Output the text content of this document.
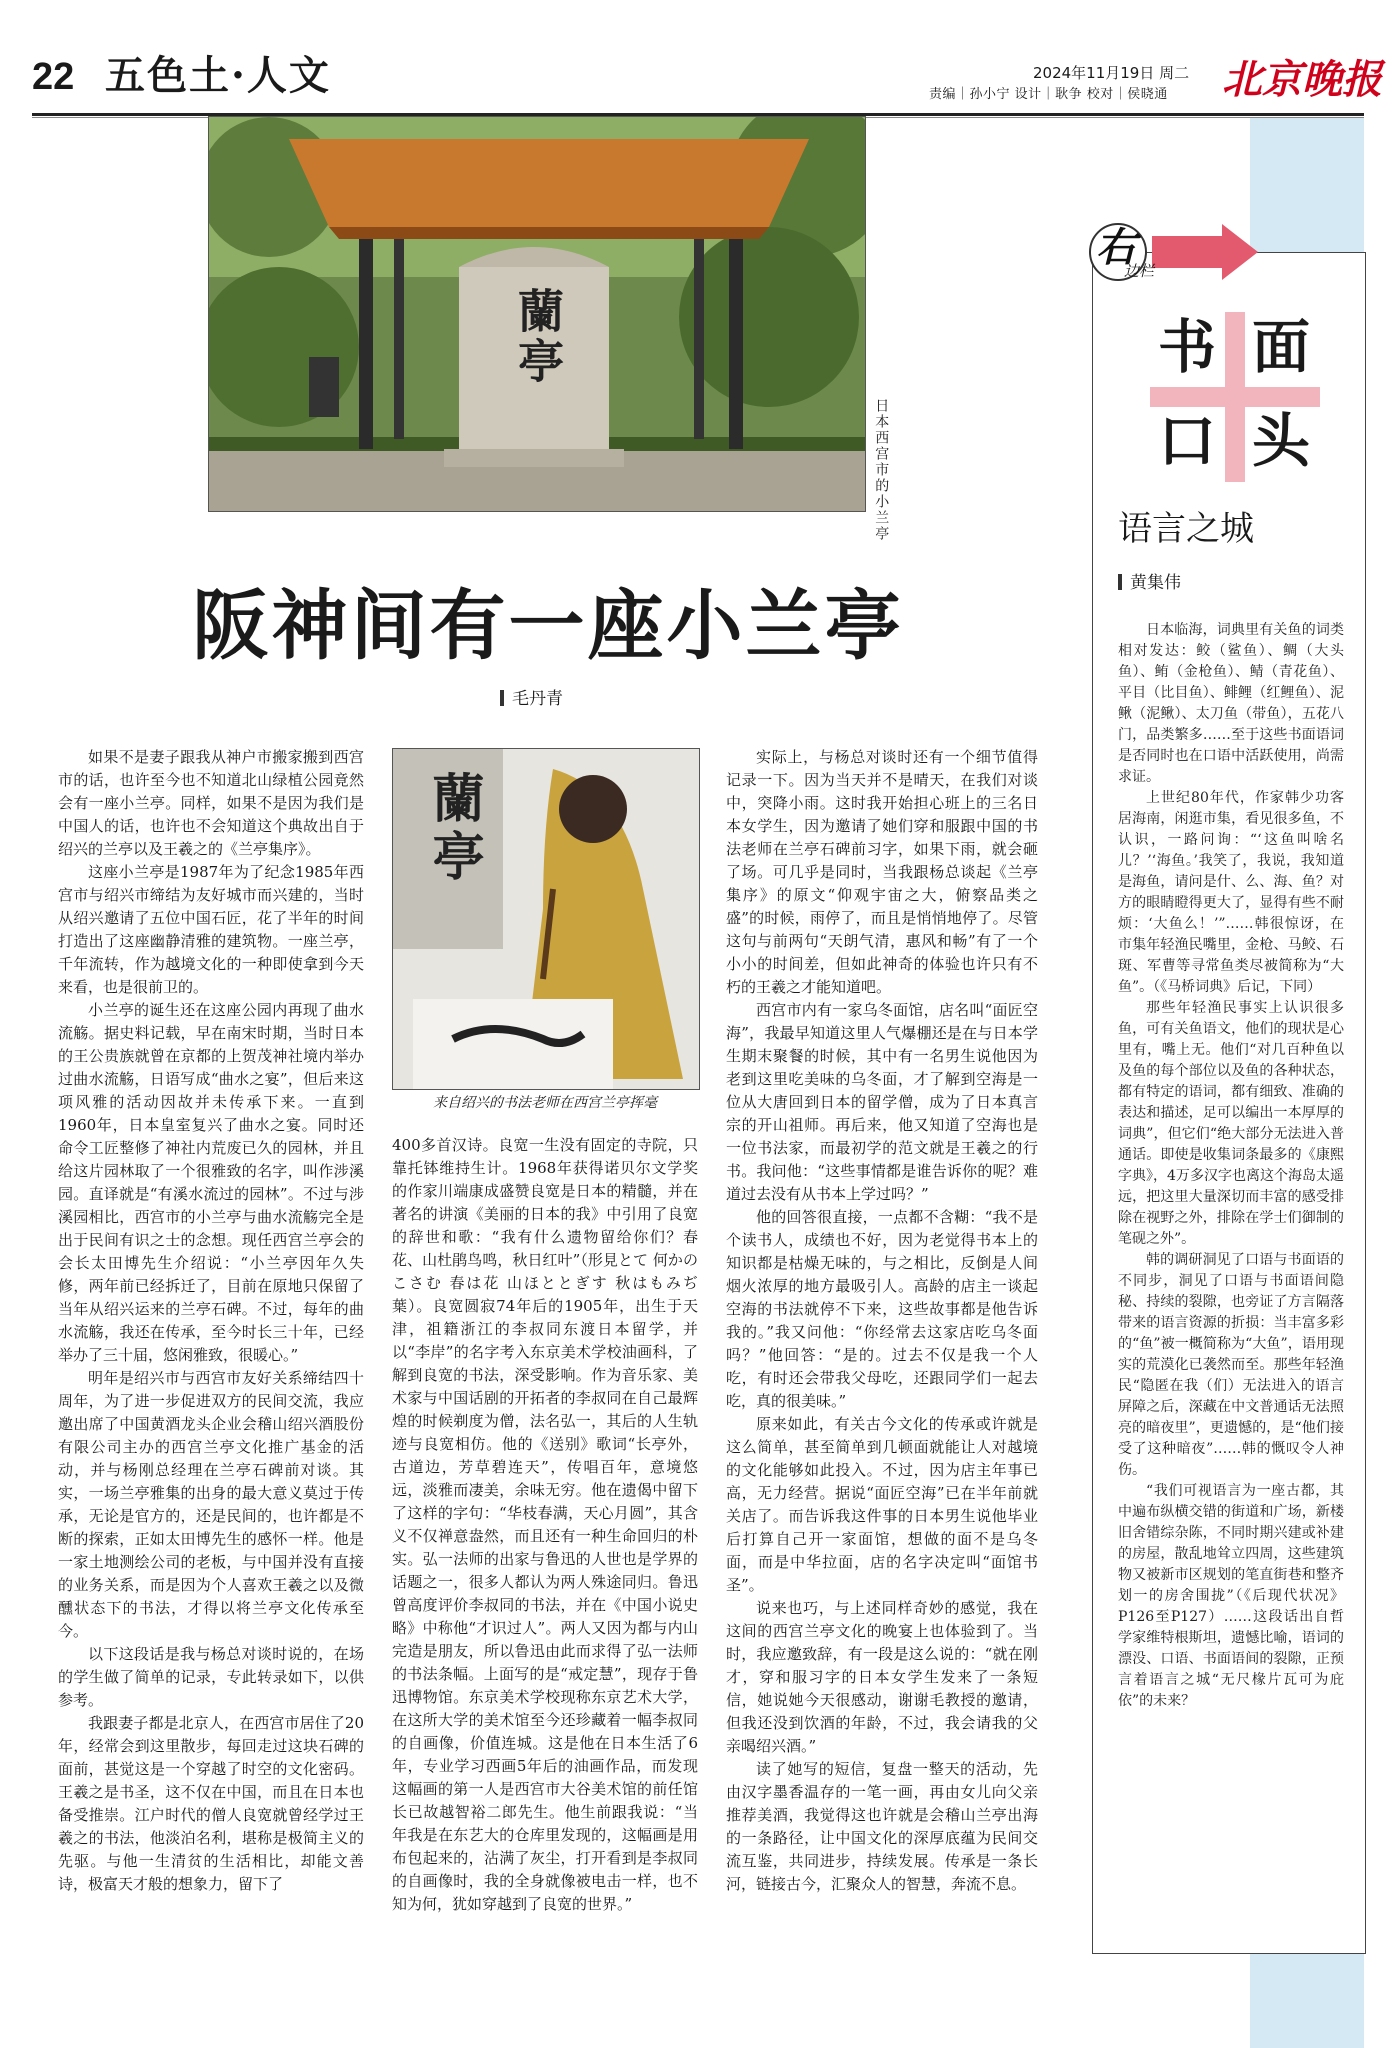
22 五色土·人文	2024年11月19日 周二
责编｜孙小宁 设计｜耿争 校对｜侯晓通 北京晚报
蘭亭
日本西宫市的小兰亭
阪神间有一座小兰亭
毛丹青
蘭亭
来自绍兴的书法老师在西宫兰亭挥毫
如果不是妻子跟我从神户市搬家搬到西宫市的话，也许至今也不知道北山绿植公园竟然会有一座小兰亭。同样，如果不是因为我们是中国人的话，也许也不会知道这个典故出自于绍兴的兰亭以及王羲之的《兰亭集序》。
这座小兰亭是1987年为了纪念1985年西宫市与绍兴市缔结为友好城市而兴建的，当时从绍兴邀请了五位中国石匠，花了半年的时间打造出了这座幽静清雅的建筑物。一座兰亭，千年流转，作为越境文化的一种即使拿到今天来看，也是很前卫的。
小兰亭的诞生还在这座公园内再现了曲水流觞。据史料记载，早在南宋时期，当时日本的王公贵族就曾在京都的上贺茂神社境内举办过曲水流觞，日语写成“曲水之宴”，但后来这项风雅的活动因故并未传承下来。一直到1960年，日本皇室复兴了曲水之宴。同时还命令工匠整修了神社内荒废已久的园林，并且给这片园林取了一个很雅致的名字，叫作涉溪园。直译就是“有溪水流过的园林”。不过与涉溪园相比，西宫市的小兰亭与曲水流觞完全是出于民间有识之士的念想。现任西宫兰亭会的会长太田博先生介绍说：“小兰亭因年久失修，两年前已经拆迁了，目前在原地只保留了当年从绍兴运来的兰亭石碑。不过，每年的曲水流觞，我还在传承，至今时长三十年，已经举办了三十届，悠闲雅致，很暖心。”
明年是绍兴市与西宫市友好关系缔结四十周年，为了进一步促进双方的民间交流，我应邀出席了中国黄酒龙头企业会稽山绍兴酒股份有限公司主办的西宫兰亭文化推广基金的活动，并与杨刚总经理在兰亭石碑前对谈。其实，一场兰亭雅集的出身的最大意义莫过于传承，无论是官方的，还是民间的，也许都是不断的探索，正如太田博先生的感怀一样。他是一家土地测绘公司的老板，与中国并没有直接的业务关系，而是因为个人喜欢王羲之以及微醺状态下的书法，才得以将兰亭文化传承至今。
以下这段话是我与杨总对谈时说的，在场的学生做了简单的记录，专此转录如下，以供参考。
我跟妻子都是北京人，在西宫市居住了20年，经常会到这里散步，每回走过这块石碑的面前，甚觉这是一个穿越了时空的文化密码。王羲之是书圣，这不仅在中国，而且在日本也备受推崇。江户时代的僧人良宽就曾经学过王羲之的书法，他淡泊名利，堪称是极简主义的先驱。与他一生清贫的生活相比，却能文善诗，极富天才般的想象力，留下了
400多首汉诗。良宽一生没有固定的寺院，只靠托钵维持生计。1968年获得诺贝尔文学奖的作家川端康成盛赞良宽是日本的精髓，并在著名的讲演《美丽的日本的我》中引用了良宽的辞世和歌：“我有什么遗物留给你们？春花、山杜鹃鸟鸣，秋日红叶”（形見とて 何かのこさむ 春は花 山ほととぎす 秋はもみぢ葉）。良宽圆寂74年后的1905年，出生于天津，祖籍浙江的李叔同东渡日本留学，并以“李岸”的名字考入东京美术学校油画科，了解到良宽的书法，深受影响。作为音乐家、美术家与中国话剧的开拓者的李叔同在自己最辉煌的时候剃度为僧，法名弘一，其后的人生轨迹与良宽相仿。他的《送别》歌词“长亭外，古道边，芳草碧连天”，传唱百年，意境悠远，淡雅而凄美，余味无穷。他在遗偈中留下了这样的字句：“华枝春满，天心月圆”，其含义不仅禅意盎然，而且还有一种生命回归的朴实。弘一法师的出家与鲁迅的人世也是学界的话题之一，很多人都认为两人殊途同归。鲁迅曾高度评价李叔同的书法，并在《中国小说史略》中称他“才识过人”。两人又因为都与内山完造是朋友，所以鲁迅由此而求得了弘一法师的书法条幅。上面写的是“戒定慧”，现存于鲁迅博物馆。东京美术学校现称东京艺术大学，在这所大学的美术馆至今还珍藏着一幅李叔同的自画像，价值连城。这是他在日本生活了6年，专业学习西画5年后的油画作品，而发现这幅画的第一人是西宫市大谷美术馆的前任馆长已故越智裕二郎先生。他生前跟我说：“当年我是在东艺大的仓库里发现的，这幅画是用布包起来的，沾满了灰尘，打开看到是李叔同的自画像时，我的全身就像被电击一样，也不知为何，犹如穿越到了良宽的世界。”
实际上，与杨总对谈时还有一个细节值得记录一下。因为当天并不是晴天，在我们对谈中，突降小雨。这时我开始担心班上的三名日本女学生，因为邀请了她们穿和服跟中国的书法老师在兰亭石碑前习字，如果下雨，就会砸了场。可几乎是同时，当我跟杨总谈起《兰亭集序》的原文“仰观宇宙之大，俯察品类之盛”的时候，雨停了，而且是悄悄地停了。尽管这句与前两句“天朗气清，惠风和畅”有了一个小小的时间差，但如此神奇的体验也许只有不朽的王羲之才能知道吧。
西宫市内有一家乌冬面馆，店名叫“面匠空海”，我最早知道这里人气爆棚还是在与日本学生期末聚餐的时候，其中有一名男生说他因为老到这里吃美味的乌冬面，才了解到空海是一位从大唐回到日本的留学僧，成为了日本真言宗的开山祖师。再后来，他又知道了空海也是一位书法家，而最初学的范文就是王羲之的行书。我问他：“这些事情都是谁告诉你的呢？难道过去没有从书本上学过吗？”
他的回答很直接，一点都不含糊：“我不是个读书人，成绩也不好，因为老觉得书本上的知识都是枯燥无味的，与之相比，反倒是人间烟火浓厚的地方最吸引人。高龄的店主一谈起空海的书法就停不下来，这些故事都是他告诉我的。”我又问他：“你经常去这家店吃乌冬面吗？”他回答：“是的。过去不仅是我一个人吃，有时还会带我父母吃，还跟同学们一起去吃，真的很美味。”
原来如此，有关古今文化的传承或许就是这么简单，甚至简单到几顿面就能让人对越境的文化能够如此投入。不过，因为店主年事已高，无力经营。据说“面匠空海”已在半年前就关店了。而告诉我这件事的日本男生说他毕业后打算自己开一家面馆，想做的面不是乌冬面，而是中华拉面，店的名字决定叫“面馆书圣”。
说来也巧，与上述同样奇妙的感觉，我在这间的西宫兰亭文化的晚宴上也体验到了。当时，我应邀致辞，有一段是这么说的：“就在刚才，穿和服习字的日本女学生发来了一条短信，她说她今天很感动，谢谢毛教授的邀请，但我还没到饮酒的年龄，不过，我会请我的父亲喝绍兴酒。”
读了她写的短信，复盘一整天的活动，先由汉字墨香温存的一笔一画，再由女儿向父亲推荐美酒，我觉得这也许就是会稽山兰亭出海的一条路径，让中国文化的深厚底蕴为民间交流互鉴，共同进步，持续发展。传承是一条长河，链接古今，汇聚众人的智慧，奔流不息。
右
边栏
书 面
口 头
语言之城
黄集伟
日本临海，词典里有关鱼的词类相对发达：鲛（鲨鱼）、鲷（大头鱼）、鲔（金枪鱼）、鲭（青花鱼）、平目（比目鱼）、鲱鲤（红鲤鱼）、泥鳅（泥鳅）、太刀鱼（带鱼），五花八门，品类繁多……至于这些书面语词是否同时也在口语中活跃使用，尚需求证。
上世纪80年代，作家韩少功客居海南，闲逛市集，看见很多鱼，不认识，一路问询：“‘这鱼叫啥名儿？’‘海鱼。’我笑了，我说，我知道是海鱼，请问是什、么、海、鱼？对方的眼睛瞪得更大了，显得有些不耐烦：‘大鱼么！’”……韩很惊讶，在市集年轻渔民嘴里，金枪、马鲛、石斑、军曹等寻常鱼类尽被简称为“大鱼”。（《马桥词典》后记，下同）
那些年轻渔民事实上认识很多鱼，可有关鱼语文，他们的现状是心里有，嘴上无。他们“对几百种鱼以及鱼的每个部位以及鱼的各种状态，都有特定的语词，都有细致、准确的表达和描述，足可以编出一本厚厚的词典”，但它们“绝大部分无法进入普通话。即使是收集词条最多的《康熙字典》，4万多汉字也离这个海岛太遥远，把这里大量深切而丰富的感受排除在视野之外，排除在学士们御制的笔砚之外”。
韩的调研洞见了口语与书面语的不同步，洞见了口语与书面语间隐秘、持续的裂隙，也旁证了方言隔落带来的语言资源的折损：当丰富多彩的“鱼”被一概简称为“大鱼”，语用现实的荒漠化已袭然而至。那些年轻渔民“隐匿在我（们）无法进入的语言屏障之后，深藏在中文普通话无法照亮的暗夜里”，更遗憾的，是“他们接受了这种暗夜”……韩的慨叹令人神伤。
“我们可视语言为一座古都，其中遍布纵横交错的街道和广场，新楼旧舍错综杂陈，不同时期兴建或补建的房屋，散乱地耸立四周，这些建筑物又被新市区规划的笔直街巷和整齐划一的房舍围拢”（《后现代状况》P126至P127）……这段话出自哲学家维特根斯坦，遗憾比喻，语词的漂没、口语、书面语间的裂隙，正预言着语言之城“无尺椽片瓦可为庇依”的未来？
